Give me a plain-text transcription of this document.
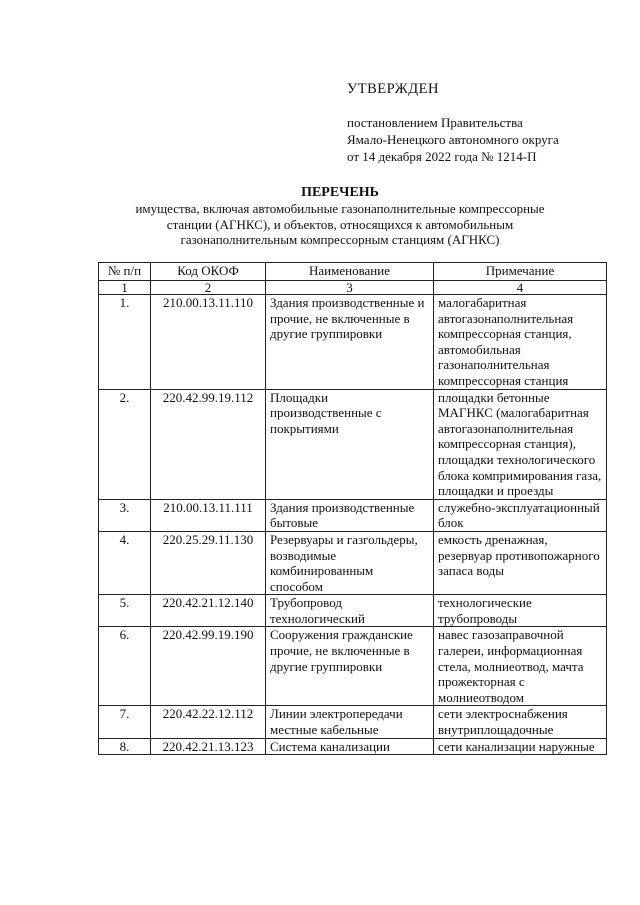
УТВЕРЖДЕН

постановлением Правительства

Ямало-Ненецкого автономного округа

от 14 декабря 2022 года № 1214-П

ПЕРЕЧЕНЬ

имущества, включая автомобильные газонаполнительные компрессорные

станции (АГНКС), и объектов, относящихся к автомобильным

газонаполнительным компрессорным станциям (АГНКС)

№ п/п	Код ОКОФ	Наименование	Примечание
1	2	3	4
1.	210.00.13.11.110	Здания производственные и прочие, не включенные в другие группировки	малогабаритная автогазонаполнительная компрессорная станция, автомобильная газонаполнительная компрессорная станция
2.	220.42.99.19.112	Площадки производственные с покрытиями	площадки бетонные МАГНКС (малогабаритная автогазонаполнительная компрессорная станция), площадки технологического блока компримирования газа, площадки и проезды
3.	210.00.13.11.111	Здания производственные бытовые	служебно-эксплуатационный блок
4.	220.25.29.11.130	Резервуары и газгольдеры, возводимые комбинированным способом	емкость дренажная, резервуар противопожарного запаса воды
5.	220.42.21.12.140	Трубопровод технологический	технологические трубопроводы
6.	220.42.99.19.190	Сооружения гражданские прочие, не включенные в другие группировки	навес газозаправочной галереи, информационная стела, молниеотвод, мачта прожекторная с молниеотводом
7.	220.42.22.12.112	Линии электропередачи местные кабельные	сети электроснабжения внутриплощадочные
8.	220.42.21.13.123	Система канализации	сети канализации наружные
